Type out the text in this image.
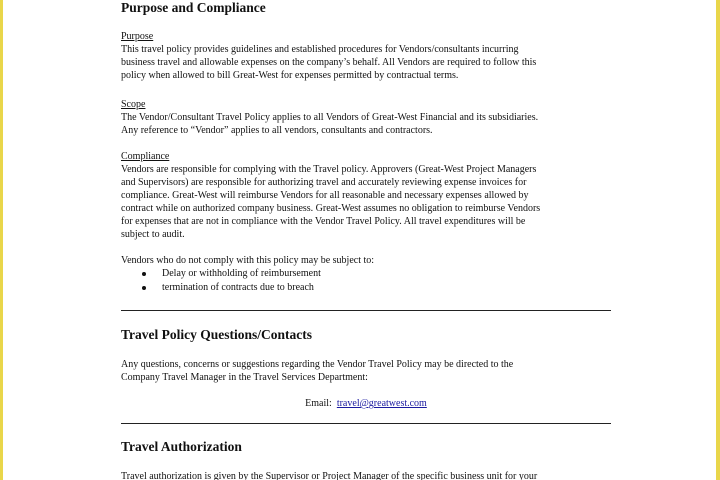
Purpose and Compliance
Purpose

This travel policy provides guidelines and established procedures for Vendors/consultants incurring

business travel and allowable expenses on the company’s behalf. All Vendors are required to follow this

policy when allowed to bill Great-West for expenses permitted by contractual terms.

Scope

The Vendor/Consultant Travel Policy applies to all Vendors of Great-West Financial and its subsidiaries.

Any reference to “Vendor” applies to all vendors, consultants and contractors.

Compliance

Vendors are responsible for complying with the Travel policy. Approvers (Great-West Project Managers

and Supervisors) are responsible for authorizing travel and accurately reviewing expense invoices for

compliance. Great-West will reimburse Vendors for all reasonable and necessary expenses allowed by

contract while on authorized company business. Great-West assumes no obligation to reimburse Vendors

for expenses that are not in compliance with the Vendor Travel Policy. All travel expenditures will be

subject to audit.

Vendors who do not comply with this policy may be subject to:

Delay or withholding of reimbursement
termination of contracts due to breach
Travel Policy Questions/Contacts

Any questions, concerns or suggestions regarding the Vendor Travel Policy may be directed to the

Company Travel Manager in the Travel Services Department:

Email: travel@greatwest.com
Travel Authorization

Travel authorization is given by the Supervisor or Project Manager of the specific business unit for your
